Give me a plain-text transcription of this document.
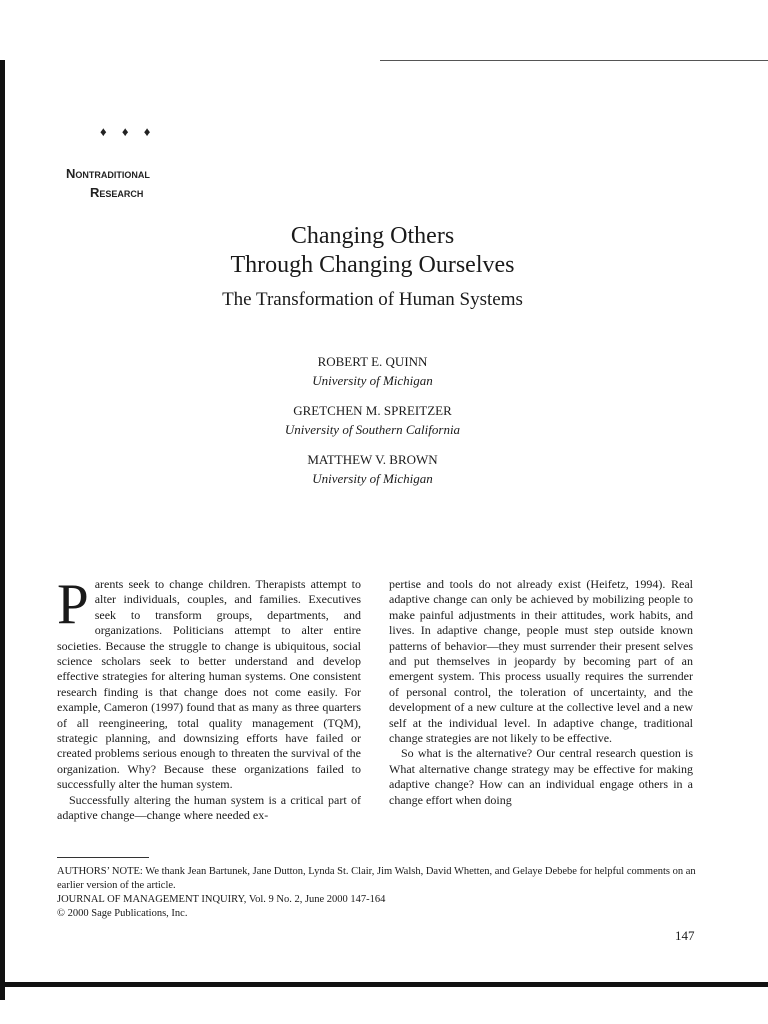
♦ ♦ ♦
Nontraditional
Research
Changing Others
Through Changing Ourselves
The Transformation of Human Systems
ROBERT E. QUINN
University of Michigan
GRETCHEN M. SPREITZER
University of Southern California
MATTHEW V. BROWN
University of Michigan

Parents seek to change children. Therapists attempt to alter individuals, couples, and families. Executives seek to transform groups, departments, and organizations. Politicians attempt to alter entire societies. Because the struggle to change is ubiquitous, social science scholars seek to better understand and develop effective strategies for altering human systems. One consistent research finding is that change does not come easily. For example, Cameron (1997) found that as many as three quarters of all reengineering, total quality management (TQM), strategic planning, and downsizing efforts have failed or created problems serious enough to threaten the survival of the organization. Why? Because these organizations failed to successfully alter the human system.

Successfully altering the human system is a critical part of adaptive change—change where needed ex-

pertise and tools do not already exist (Heifetz, 1994). Real adaptive change can only be achieved by mobilizing people to make painful adjustments in their attitudes, work habits, and lives. In adaptive change, people must step outside known patterns of behavior—they must surrender their present selves and put themselves in jeopardy by becoming part of an emergent system. This process usually requires the surrender of personal control, the toleration of uncertainty, and the development of a new culture at the collective level and a new self at the individual level. In adaptive change, traditional change strategies are not likely to be effective.

So what is the alternative? Our central research question is What alternative change strategy may be effective for making adaptive change? How can an individual engage others in a change effort when doing

AUTHORS’ NOTE: We thank Jean Bartunek, Jane Dutton, Lynda St. Clair, Jim Walsh, David Whetten, and Gelaye Debebe for helpful comments on an earlier version of the article.

JOURNAL OF MANAGEMENT INQUIRY, Vol. 9 No. 2, June 2000 147-164

© 2000 Sage Publications, Inc.

147
